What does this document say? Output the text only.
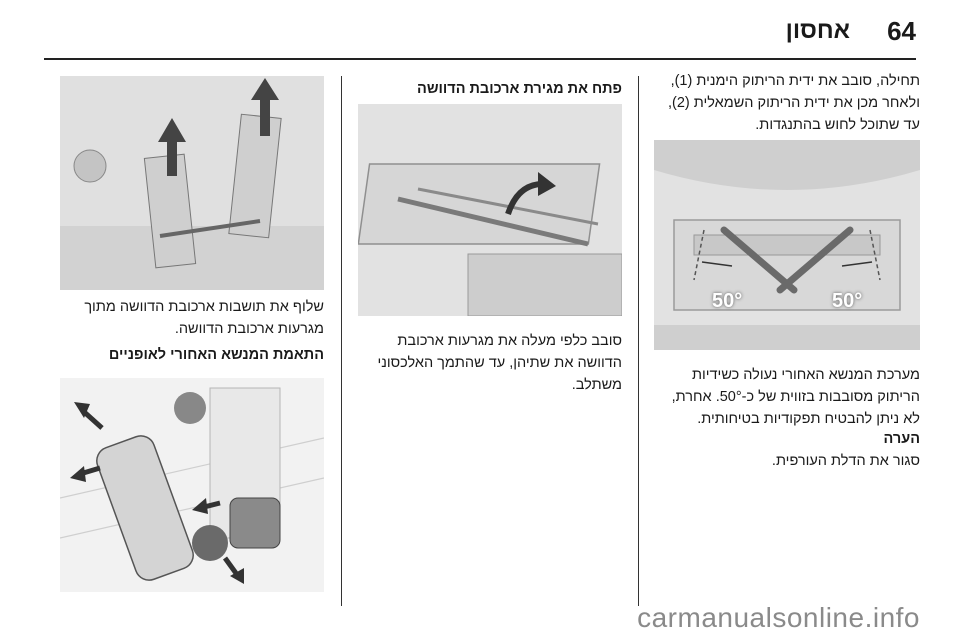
64
אחסון
תחילה, סובב את ידית הריתוק הימנית (1), ולאחר מכן את ידית הריתוק השמאלית (2), עד שתוכל לחוש בהתנגדות.
50°	50°
מערכת המנשא האחורי נעולה כשידיות הריתוק מסובבות בזווית של כ-50°. אחרת, לא ניתן להבטיח תפקודיות בטיחותית.
הערה
סגור את הדלת העורפית.
פתח את מגירת ארכובת הדוושה
סובב כלפי מעלה את מגרעות ארכובת הדוושה את שתיהן, עד שהתמך האלכסוני משתלב.
שלוף את תושבות ארכובת הדוושה מתוך מגרעות ארכובת הדוושה.
התאמת המנשא האחורי לאופניים
carmanualsonline.info
